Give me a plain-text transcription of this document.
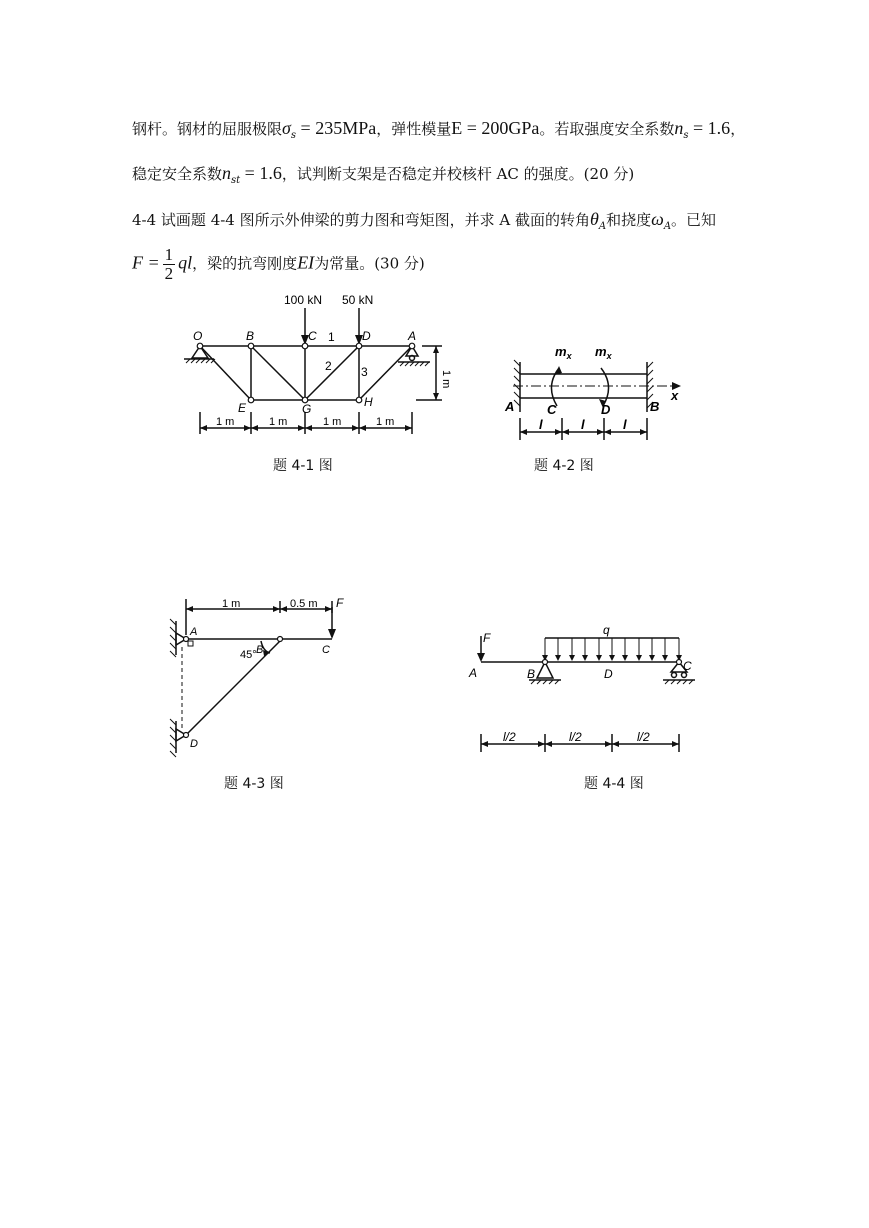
钢杆。钢材的屈服极限$\sigma_s = 235MPa$，弹性模量E = 200GPa。若取强度安全系数$n_s = 1.6$，
稳定安全系数$n_{st} = 1.6$，试判断支架是否稳定并校核杆 AC 的强度。(20 分)
4-4 试画题 4-4 图所示外伸梁的剪力图和弯矩图，并求 A 截面的转角$\theta_A$和挠度$\omega_A$。已知
$F = \frac{1}{2}$ ql，梁的抗弯刚度EI为常量。(30 分)
100 kN 50 kN
O	B	C	D	A
E	G	H
1
2 3	1 m
1 m	1 m	1 m	1 m
题 4-1 图
$m_x$ $m_x$
A	C	D	B
x
l	l	l
题 4-2 图
1 m	0.5 m F
45°
A
B	C
D
题 4-3 图
F
q
A	B	D
C
l/2	l/2	l/2
题 4-4 图
